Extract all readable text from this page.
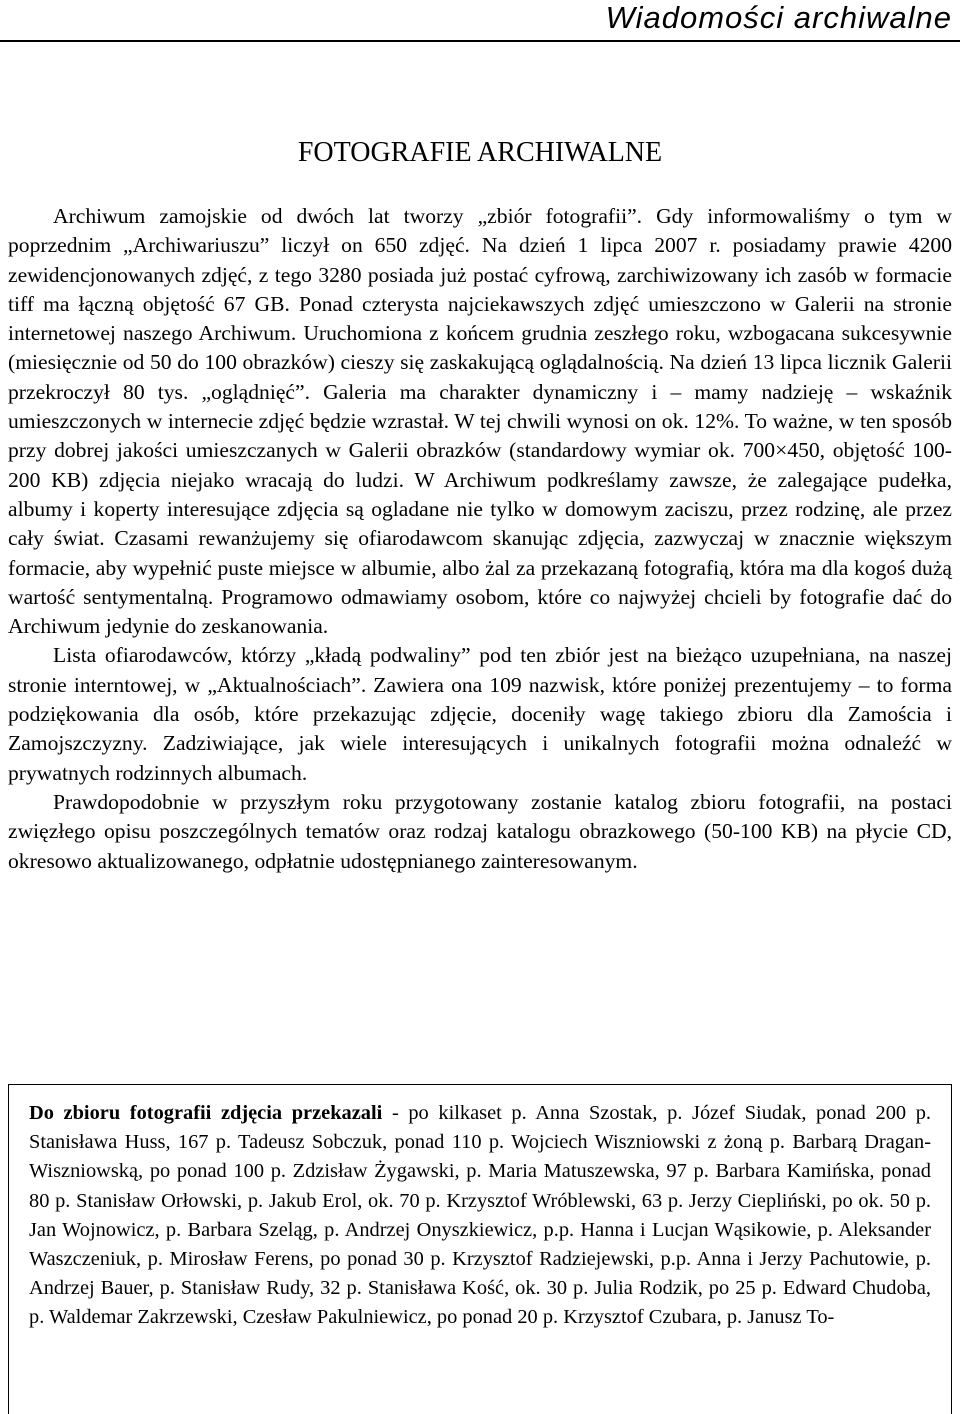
Wiadomości archiwalne
FOTOGRAFIE ARCHIWALNE

Archiwum zamojskie od dwóch lat tworzy „zbiór fotografii”. Gdy informowaliśmy o tym w poprzednim „Archiwariuszu” liczył on 650 zdjęć. Na dzień 1 lipca 2007 r. posiadamy prawie 4200 zewidencjonowanych zdjęć, z tego 3280 posiada już postać cyfrową, zarchiwizowany ich zasób w formacie tiff ma łączną objętość 67 GB. Ponad czterysta najciekawszych zdjęć umieszczono w Galerii na stronie internetowej naszego Archiwum. Uruchomiona z końcem grudnia zeszłego roku, wzbogacana sukcesywnie (miesięcznie od 50 do 100 obrazków) cieszy się zaskakującą oglądalnością. Na dzień 13 lipca licznik Galerii przekroczył 80 tys. „oglądnięć”. Galeria ma charakter dynamiczny i – mamy nadzieję – wskaźnik umieszczonych w internecie zdjęć będzie wzrastał. W tej chwili wynosi on ok. 12%. To ważne, w ten sposób przy dobrej jakości umieszczanych w Galerii obrazków (standardowy wymiar ok. 700×450, objętość 100-200 KB) zdjęcia niejako wracają do ludzi. W Archiwum podkreślamy zawsze, że zalegające pudełka, albumy i koperty interesujące zdjęcia są ogladane nie tylko w domowym zaciszu, przez rodzinę, ale przez cały świat. Czasami rewanżujemy się ofiarodawcom skanując zdjęcia, zazwyczaj w znacznie większym formacie, aby wypełnić puste miejsce w albumie, albo żal za przekazaną fotografią, która ma dla kogoś dużą wartość sentymentalną. Programowo odmawiamy osobom, które co najwyżej chcieli by fotografie dać do Archiwum jedynie do zeskanowania.

Lista ofiarodawców, którzy „kładą podwaliny” pod ten zbiór jest na bieżąco uzupełniana, na naszej stronie interntowej, w „Aktualnościach”. Zawiera ona 109 nazwisk, które poniżej prezentujemy – to forma podziękowania dla osób, które przekazując zdjęcie, doceniły wagę takiego zbioru dla Zamościa i Zamojszczyzny. Zadziwiające, jak wiele interesujących i unikalnych fotografii można odnaleźć w prywatnych rodzinnych albumach.

Prawdopodobnie w przyszłym roku przygotowany zostanie katalog zbioru fotografii, na postaci zwięzłego opisu poszczególnych tematów oraz rodzaj katalogu obrazkowego (50-100 KB) na płycie CD, okresowo aktualizowanego, odpłatnie udostępnianego zainteresowanym.

Do zbioru fotografii zdjęcia przekazali - po kilkaset p. Anna Szostak, p. Józef Siudak, ponad 200 p. Stanisława Huss, 167 p. Tadeusz Sobczuk, ponad 110 p. Wojciech Wiszniowski z żoną p. Barbarą Dragan-Wiszniowską, po ponad 100 p. Zdzisław Żygawski, p. Maria Matuszewska, 97 p. Barbara Kamińska, ponad 80 p. Stanisław Orłowski, p. Jakub Erol, ok. 70 p. Krzysztof Wróblewski, 63 p. Jerzy Ciepliński, po ok. 50 p. Jan Wojnowicz, p. Barbara Szeląg, p. Andrzej Onyszkiewicz, p.p. Hanna i Lucjan Wąsikowie, p. Aleksander Waszczeniuk, p. Mirosław Ferens, po ponad 30 p. Krzysztof Radziejewski, p.p. Anna i Jerzy Pachutowie, p. Andrzej Bauer, p. Stanisław Rudy, 32 p. Stanisława Kość, ok. 30 p. Julia Rodzik, po 25 p. Edward Chudoba, p. Waldemar Zakrzewski, Czesław Pakulniewicz, po ponad 20 p. Krzysztof Czubara, p. Janusz To-
